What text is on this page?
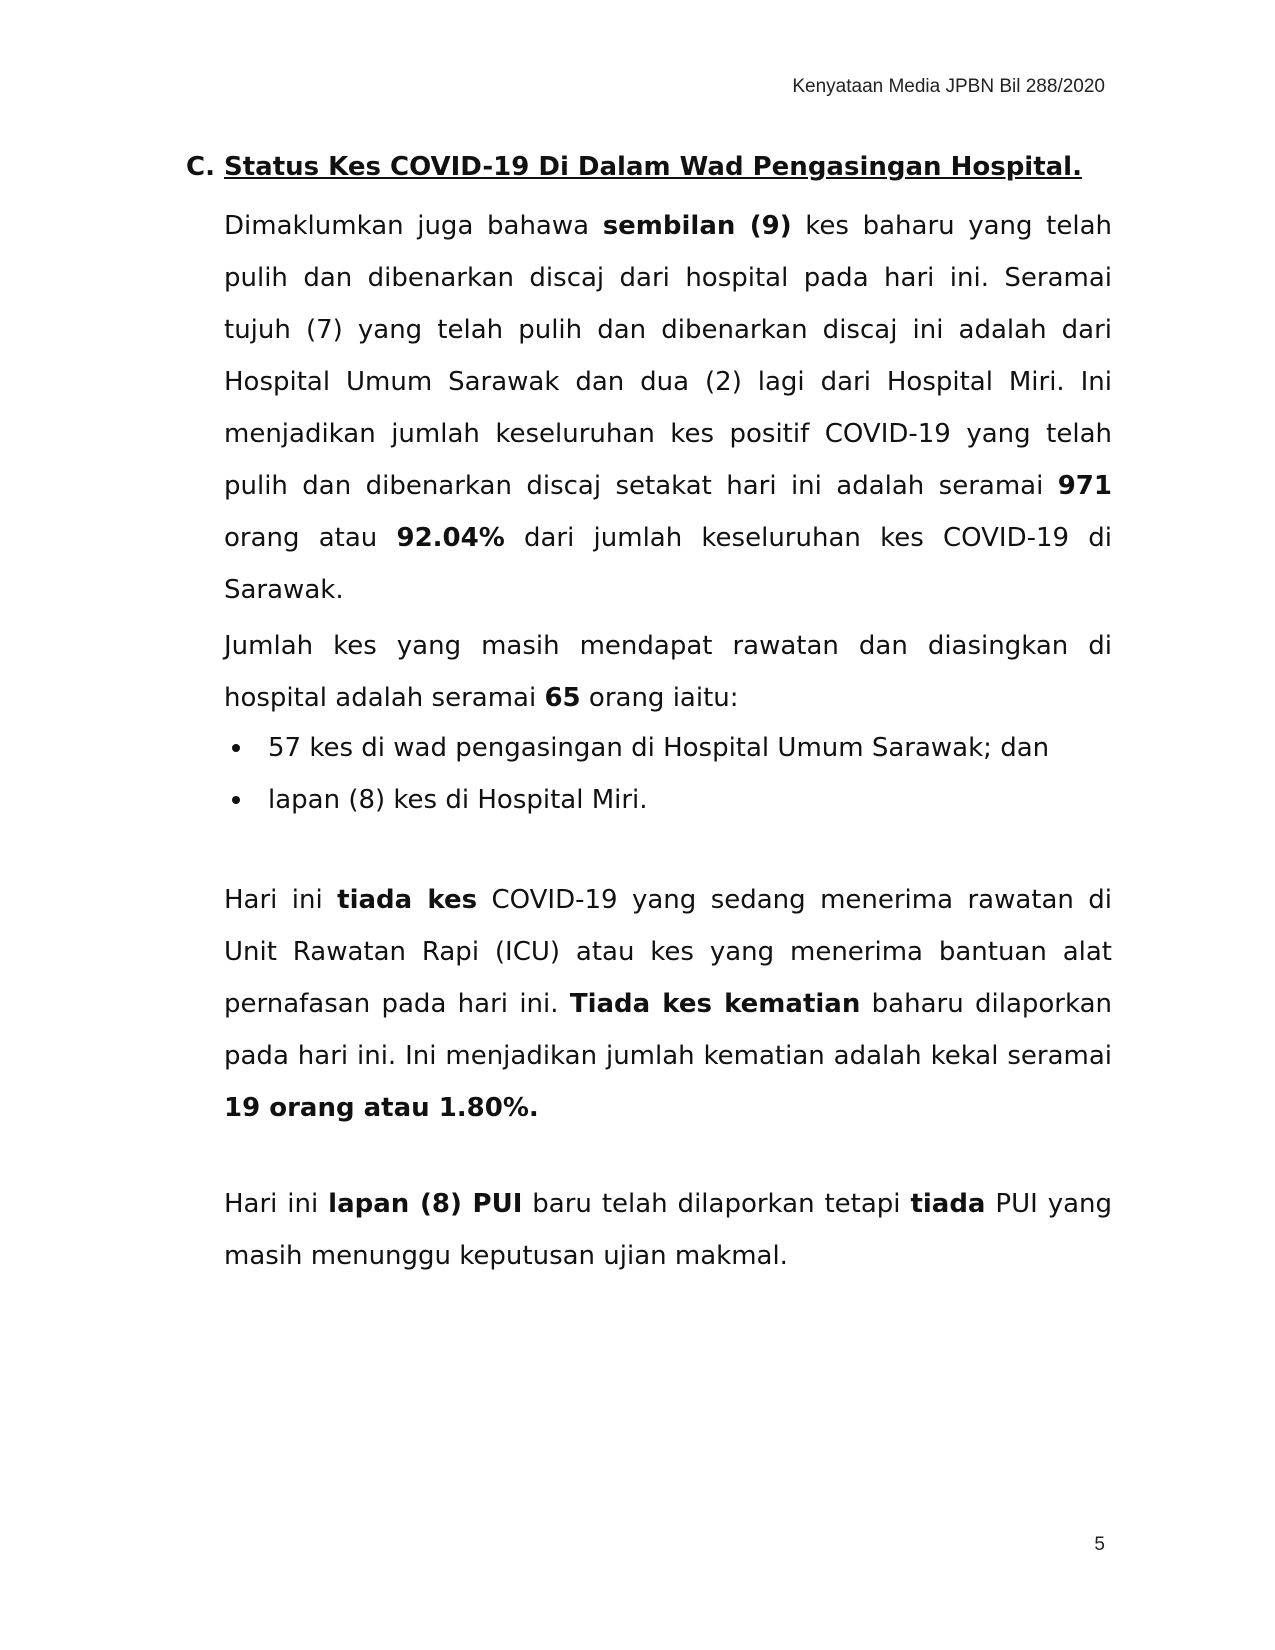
Kenyataan Media JPBN Bil 288/2020
C. Status Kes COVID-19 Di Dalam Wad Pengasingan Hospital.
Dimaklumkan juga bahawa sembilan (9) kes baharu yang telah pulih dan dibenarkan discaj dari hospital pada hari ini. Seramai tujuh (7) yang telah pulih dan dibenarkan discaj ini adalah dari Hospital Umum Sarawak dan dua (2) lagi dari Hospital Miri. Ini menjadikan jumlah keseluruhan kes positif COVID-19 yang telah pulih dan dibenarkan discaj setakat hari ini adalah seramai 971 orang atau 92.04% dari jumlah keseluruhan kes COVID-19 di Sarawak.
Jumlah kes yang masih mendapat rawatan dan diasingkan di hospital adalah seramai 65 orang iaitu:
57 kes di wad pengasingan di Hospital Umum Sarawak; dan
lapan (8) kes di Hospital Miri.
Hari ini tiada kes COVID-19 yang sedang menerima rawatan di Unit Rawatan Rapi (ICU) atau kes yang menerima bantuan alat pernafasan pada hari ini. Tiada kes kematian baharu dilaporkan pada hari ini. Ini menjadikan jumlah kematian adalah kekal seramai 19 orang atau 1.80%.
Hari ini lapan (8) PUI baru telah dilaporkan tetapi tiada PUI yang masih menunggu keputusan ujian makmal.
5
